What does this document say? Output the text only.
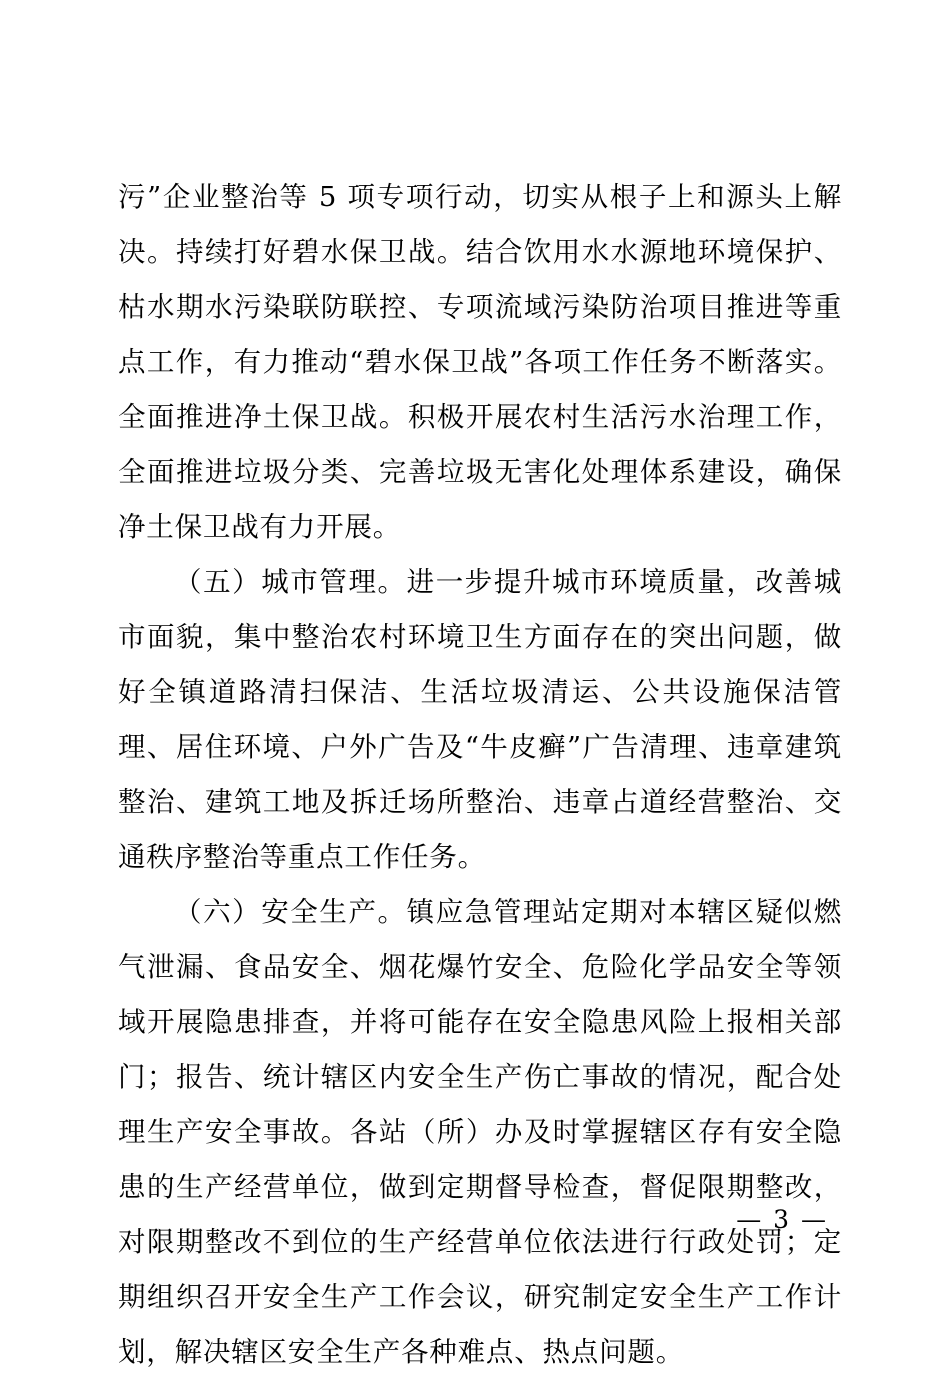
污”企业整治等 5 项专项行动，切实从根子上和源头上解决。持续打好碧水保卫战。结合饮用水水源地环境保护、枯水期水污染联防联控、专项流域污染防治项目推进等重点工作，有力推动“碧水保卫战”各项工作任务不断落实。全面推进净土保卫战。积极开展农村生活污水治理工作，全面推进垃圾分类、完善垃圾无害化处理体系建设，确保净土保卫战有力开展。

（五）城市管理。进一步提升城市环境质量，改善城市面貌，集中整治农村环境卫生方面存在的突出问题，做好全镇道路清扫保洁、生活垃圾清运、公共设施保洁管理、居住环境、户外广告及“牛皮癣”广告清理、违章建筑整治、建筑工地及拆迁场所整治、违章占道经营整治、交通秩序整治等重点工作任务。

（六）安全生产。镇应急管理站定期对本辖区疑似燃气泄漏、食品安全、烟花爆竹安全、危险化学品安全等领域开展隐患排查，并将可能存在安全隐患风险上报相关部门；报告、统计辖区内安全生产伤亡事故的情况，配合处理生产安全事故。各站（所）办及时掌握辖区存有安全隐患的生产经营单位，做到定期督导检查，督促限期整改，对限期整改不到位的生产经营单位依法进行行政处罚；定期组织召开安全生产工作会议，研究制定安全生产工作计划，解决辖区安全生产各种难点、热点问题。

— 3 —
